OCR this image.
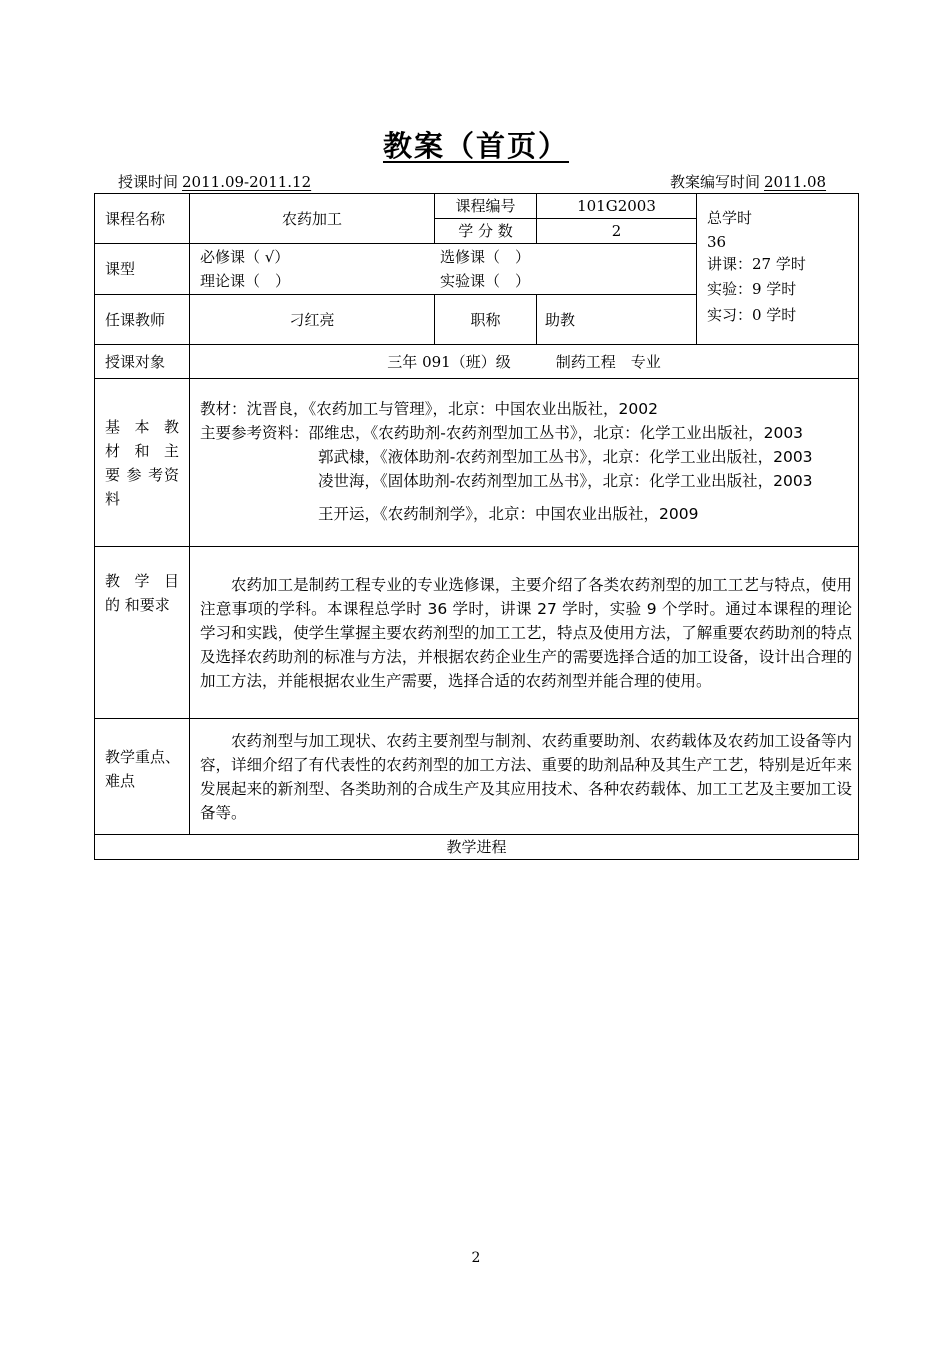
教案（首页）
授课时间 2011.09-2011.12	教案编写时间 2011.08
课程名称	农药加工	课程编号	101G2003	总学时
36
讲课：27 学时
实验：9 学时
实习：0 学时

		学 分 数	2	
课型	必修课（ √） 选修课（　）
理论课（　） 实验课（　）			

任课教师	刁红亮	职称	助教	
授课对象	三年 091（班）级　　　制药工程　专业			
基 本 教 材 和 主 要 参 考资料	教材：沈晋良，《农药加工与管理》，北京：中国农业出版社，2002
主要参考资料：邵维忠，《农药助剂-农药剂型加工丛书》，北京：化学工业出版社，2003
郭武棣，《液体助剂-农药剂型加工丛书》，北京：化学工业出版社，2003
凌世海，《固体助剂-农药剂型加工丛书》，北京：化学工业出版社，2003
王开运，《农药制剂学》，北京：中国农业出版社，2009			

教 学 目 的 和要求	农药加工是制药工程专业的专业选修课，主要介绍了各类农药剂型的加工工艺与特点，使用注意事项的学科。本课程总学时 36 学时，讲课 27 学时，实验 9 个学时。通过本课程的理论学习和实践，使学生掌握主要农药剂型的加工工艺，特点及使用方法，了解重要农药助剂的特点及选择农药助剂的标准与方法，并根据农药企业生产的需要选择合适的加工设备，设计出合理的加工方法，并能根据农业生产需要，选择合适的农药剂型并能合理的使用。			

教学重点、难点	农药剂型与加工现状、农药主要剂型与制剂、农药重要助剂、农药载体及农药加工设备等内容，详细介绍了有代表性的农药剂型的加工方法、重要的助剂品种及其生产工艺，特别是近年来发展起来的新剂型、各类助剂的合成生产及其应用技术、各种农药载体、加工工艺及主要加工设备等。			

教学进程				
2
